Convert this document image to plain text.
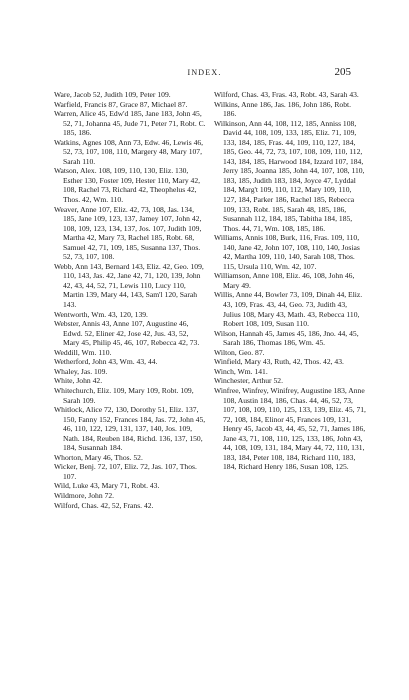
INDEX.	205

Ware, Jacob 52, Judith 109, Peter 109.

Warfield, Francis 87, Grace 87, Michael 87.

Warren, Alice 45, Edw'd 185, Jane 183, John 45, 52, 71, Johanna 45, Jude 71, Peter 71, Robt. C. 185, 186.

Watkins, Agnes 108, Ann 73, Edw. 46, Lewis 46, 52, 73, 107, 108, 110, Margery 48, Mary 107, Sarah 110.

Watson, Alex. 108, 109, 110, 130, Eliz. 130, Esther 130, Foster 109, Hester 110, Mary 42, 108, Rachel 73, Richard 42, Theophelus 42, Thos. 42, Wm. 110.

Weaver, Anne 107, Eliz. 42, 73, 108, Jas. 134, 185, Jane 109, 123, 137, Jamey 107, John 42, 108, 109, 123, 134, 137, Jos. 107, Judith 109, Martha 42, Mary 73, Rachel 185, Robt. 68, Samuel 42, 71, 109, 185, Susanna 137, Thos. 52, 73, 107, 108.

Webb, Ann 143, Bernard 143, Eliz. 42, Geo. 109, 110, 143, Jas. 42, Jane 42, 71, 120, 139, John 42, 43, 44, 52, 71, Lewis 110, Lucy 110, Martin 139, Mary 44, 143, Sam'l 120, Sarah 143.

Wentworth, Wm. 43, 120, 139.

Webster, Annis 43, Anne 107, Augustine 46, Edwd. 52, Eliner 42, Jose 42, Jus. 43, 52, Mary 45, Philip 45, 46, 107, Rebecca 42, 73.

Weddill, Wm. 110.

Wetherford, John 43, Wm. 43, 44.

Whaley, Jas. 109.

White, John 42.

Whitechurch, Eliz. 109, Mary 109, Robt. 109, Sarah 109.

Whitlock, Alice 72, 130, Dorothy 51, Eliz. 137, 150, Fanny 152, Frances 184, Jas. 72, John 45, 46, 110, 122, 129, 131, 137, 140, Jos. 109, Nath. 184, Reuben 184, Richd. 136, 137, 150, 184, Susannah 184.

Whorton, Mary 46, Thos. 52.

Wicker, Benj. 72, 107, Eliz. 72, Jas. 107, Thos. 107.

Wild, Luke 43, Mary 71, Robt. 43.

Wildmore, John 72.

Wilford, Chas. 42, 52, Frans. 42.

Wilford, Chas. 43, Fras. 43, Robt. 43, Sarah 43.

Wilkins, Anne 186, Jas. 186, John 186, Robt. 186.

Wilkinson, Ann 44, 108, 112, 185, Anniss 108, David 44, 108, 109, 133, 185, Eliz. 71, 109, 133, 184, 185, Fras. 44, 109, 110, 127, 184, 185, Geo. 44, 72, 73, 107, 108, 109, 110, 112, 143, 184, 185, Harwood 184, Izzard 107, 184, Jerry 185, Joanna 185, John 44, 107, 108, 110, 183, 185, Judith 183, 184, Joyce 47, Lyddal 184, Marg't 109, 110, 112, Mary 109, 110, 127, 184, Parker 186, Rachel 185, Rebecca 109, 133, Robt. 185, Sarah 48, 185, 186, Susannah 112, 184, 185, Tabitha 184, 185, Thos. 44, 71, Wm. 108, 185, 186.

Williams, Annis 108, Burk, 116, Fras. 109, 110, 140, Jane 42, John 107, 108, 110, 140, Josias 42, Martha 109, 110, 140, Sarah 108, Thos. 115, Ursula 110, Wm. 42, 107.

Williamson, Anne 108, Eliz. 46, 108, John 46, Mary 49.

Willis, Anne 44, Bowler 73, 109, Dinah 44, Eliz. 43, 109, Fras. 43, 44, Geo. 73, Judith 43, Julius 108, Mary 43, Math. 43, Rebecca 110, Robert 108, 109, Susan 110.

Wilson, Hannah 45, James 45, 186, Jno. 44, 45, Sarah 186, Thomas 186, Wm. 45.

Wilton, Geo. 87.

Winfield, Mary 43, Ruth, 42, Thos. 42, 43.

Winch, Wm. 141.

Winchester, Arthur 52.

Winfree, Winfrey, Winifrey, Augustine 183, Anne 108, Austin 184, 186, Chas. 44, 46, 52, 73, 107, 108, 109, 110, 125, 133, 139, Eliz. 45, 71, 72, 108, 184, Elinor 45, Frances 109, 131, Henry 45, Jacob 43, 44, 45, 52, 71, James 186, Jane 43, 71, 108, 110, 125, 133, 186, John 43, 44, 108, 109, 131, 184, Mary 44, 72, 110, 131, 183, 184, Peter 108, 184, Richard 110, 183, 184, Richard Henry 186, Susan 108, 125.
